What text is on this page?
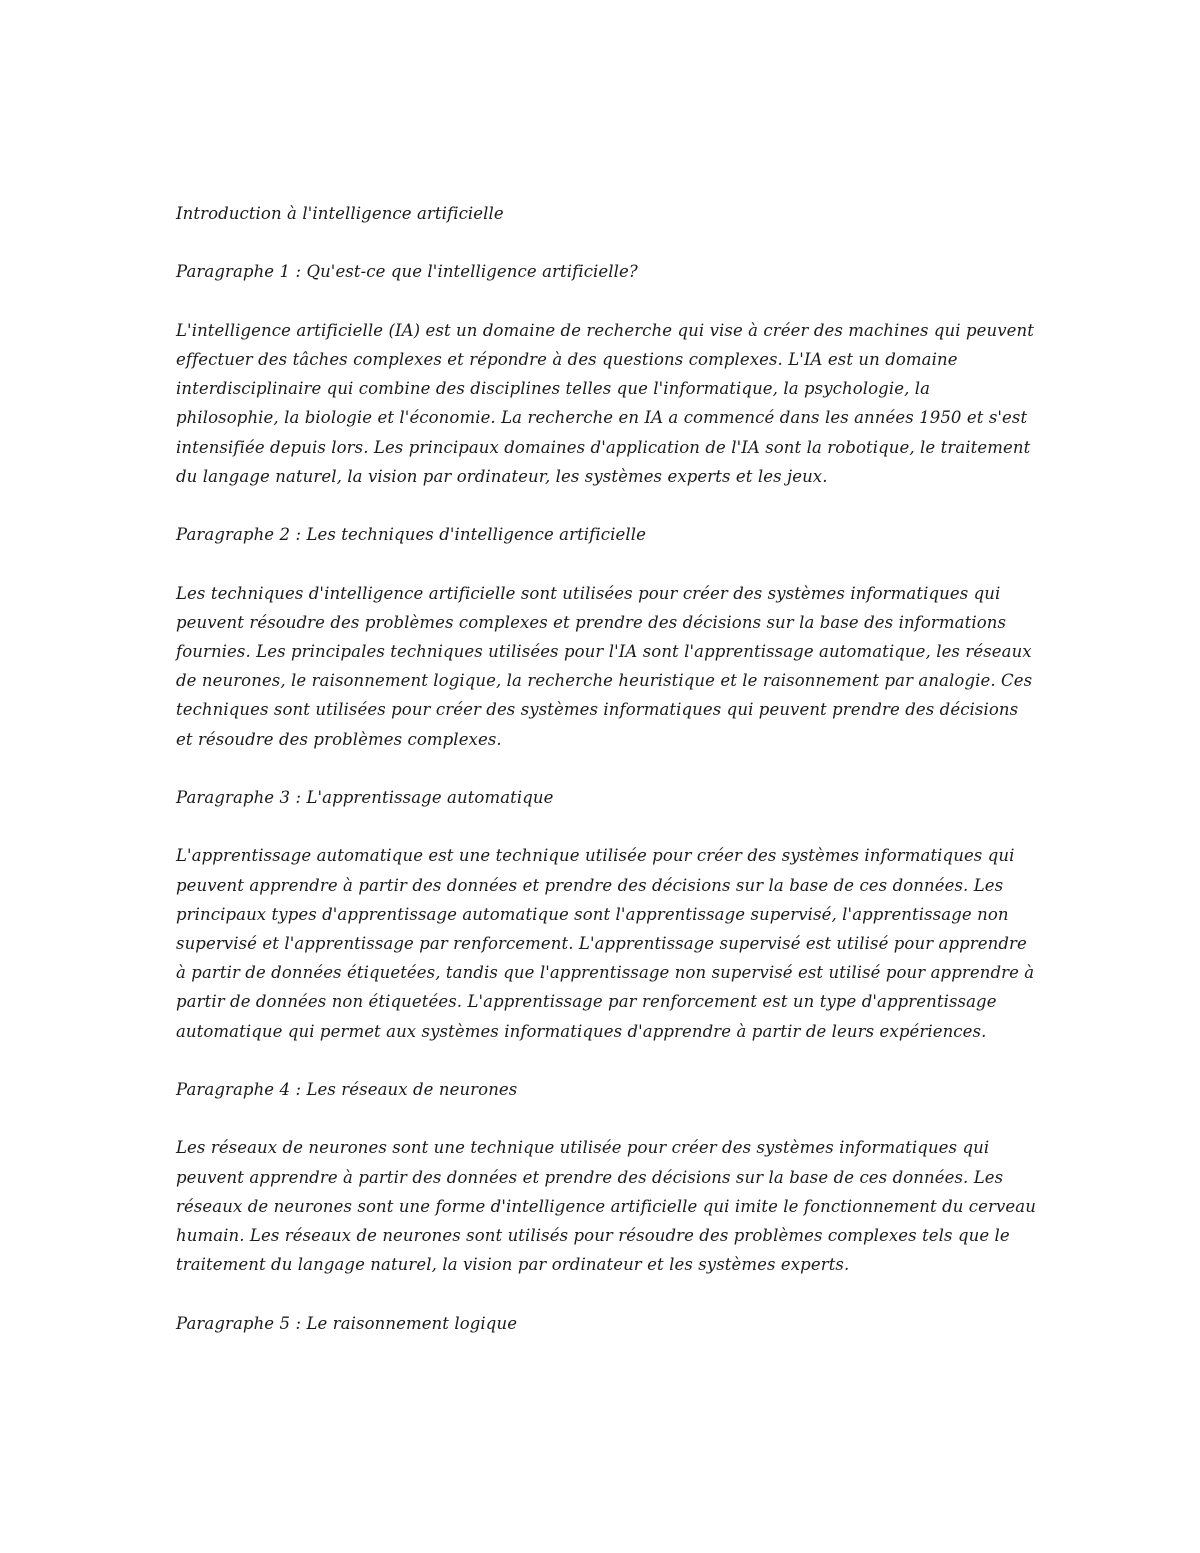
Introduction à l'intelligence artificielle

Paragraphe 1 : Qu'est-ce que l'intelligence artificielle?

L'intelligence artificielle (IA) est un domaine de recherche qui vise à créer des machines qui peuvent effectuer des tâches complexes et répondre à des questions complexes. L'IA est un domaine interdisciplinaire qui combine des disciplines telles que l'informatique, la psychologie, la philosophie, la biologie et l'économie. La recherche en IA a commencé dans les années 1950 et s'est intensifiée depuis lors. Les principaux domaines d'application de l'IA sont la robotique, le traitement du langage naturel, la vision par ordinateur, les systèmes experts et les jeux.

Paragraphe 2 : Les techniques d'intelligence artificielle

Les techniques d'intelligence artificielle sont utilisées pour créer des systèmes informatiques qui peuvent résoudre des problèmes complexes et prendre des décisions sur la base des informations fournies. Les principales techniques utilisées pour l'IA sont l'apprentissage automatique, les réseaux de neurones, le raisonnement logique, la recherche heuristique et le raisonnement par analogie. Ces techniques sont utilisées pour créer des systèmes informatiques qui peuvent prendre des décisions et résoudre des problèmes complexes.

Paragraphe 3 : L'apprentissage automatique

L'apprentissage automatique est une technique utilisée pour créer des systèmes informatiques qui peuvent apprendre à partir des données et prendre des décisions sur la base de ces données. Les principaux types d'apprentissage automatique sont l'apprentissage supervisé, l'apprentissage non supervisé et l'apprentissage par renforcement. L'apprentissage supervisé est utilisé pour apprendre à partir de données étiquetées, tandis que l'apprentissage non supervisé est utilisé pour apprendre à partir de données non étiquetées. L'apprentissage par renforcement est un type d'apprentissage automatique qui permet aux systèmes informatiques d'apprendre à partir de leurs expériences.

Paragraphe 4 : Les réseaux de neurones

Les réseaux de neurones sont une technique utilisée pour créer des systèmes informatiques qui peuvent apprendre à partir des données et prendre des décisions sur la base de ces données. Les réseaux de neurones sont une forme d'intelligence artificielle qui imite le fonctionnement du cerveau humain. Les réseaux de neurones sont utilisés pour résoudre des problèmes complexes tels que le traitement du langage naturel, la vision par ordinateur et les systèmes experts.

Paragraphe 5 : Le raisonnement logique
